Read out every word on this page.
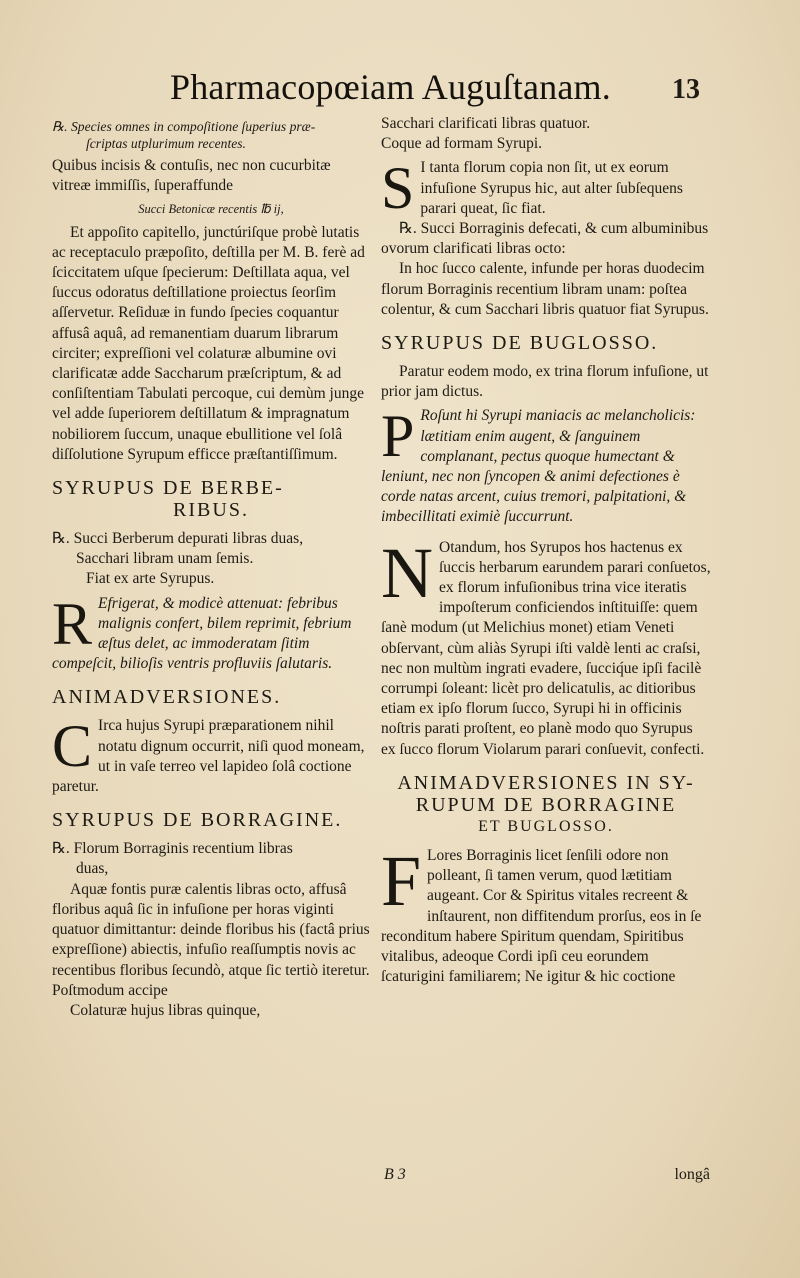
Pharmacopœiam Auguſtanam. 13
℞. Species omnes in compoſitione ſuperius præ-
ſcriptas utplurimum recentes.

Quibus incisis & contuſis, nec non cucurbitæ vitreæ immiſſis, ſuperaffunde

Succi Betonicæ recentis ℔ ij,

Et appoſito capitello, junctúriſque probè lutatis ac receptaculo præpoſito, deſtilla per M. B. ferè ad ſciccitatem uſque ſpecierum: Deſtillata aqua, vel ſuccus odoratus deſtillatione proiectus ſeorſim aſſervetur. Reſiduæ in fundo ſpecies coquantur affusâ aquâ, ad remanentiam duarum librarum circiter; expreſſioni vel colaturæ albumine ovi clarificatæ adde Saccharum præſcriptum, & ad conſiſtentiam Tabulati percoque, cui demùm junge vel adde ſuperiorem deſtillatum & impragnatum nobiliorem ſuccum, unaque ebullitione vel ſolâ diſſolutione Syrupum efficce præſtantiſſimum.

SYRUPUS DE BERBE-
RIBUS.
℞. Succi Berberum depurati libras duas,
Sacchari libram unam ſemis.
Fiat ex arte Syrupus.
R Efrigerat, & modicè attenuat: febribus malignis confert, bilem reprimit, febrium æſtus delet, ac immoderatam ſitim compeſcit, bilioſis ventris profluviis ſalutaris.
ANIMADVERSIONES.
C Irca hujus Syrupi præparationem nihil notatu dignum occurrit, niſi quod moneam, ut in vaſe terreo vel lapideo ſolâ coctione paretur.
SYRUPUS DE BORRAGINE.
℞. Florum Borraginis recentium libras
duas,

Aquæ fontis puræ calentis libras octo, affusâ floribus aquâ ſic in infuſione per horas viginti quatuor dimittantur: deinde floribus his (factâ prius expreſſione) abiectis, infuſio reaſſumptis novis ac recentibus floribus ſecundò, atque ſic tertiò iteretur. Poſtmodum accipe

Colaturæ hujus libras quinque,
Sacchari clarificati libras quatuor.
Coque ad formam Syrupi.
S I tanta florum copia non ſit, ut ex eorum infuſione Syrupus hic, aut alter ſubſequens parari queat, ſic fiat.

℞. Succi Borraginis defecati, & cum albuminibus ovorum clarificati libras octo:

In hoc ſucco calente, infunde per horas duodecim florum Borraginis recentium libram unam: poſtea colentur, & cum Sacchari libris quatuor fiat Syrupus.

SYRUPUS DE BUGLOSSO.

Paratur eodem modo, ex trina florum infuſione, ut prior jam dictus.

P Roſunt hi Syrupi maniacis ac melancholicis: lætitiam enim augent, & ſanguinem complanant, pectus quoque humectant & leniunt, nec non ſyncopen & animi defectiones è corde natas arcent, cuius tremori, palpitationi, & imbecillitati eximiè ſuccurrunt.
N Otandum, hos Syrupos hos hactenus ex ſuccis herbarum earundem parari conſuetos, ex florum infuſionibus trina vice iteratis impoſterum conficiendos inſtituiſſe: quem ſanè modum (ut Melichius monet) etiam Veneti obſervant, cùm aliàs Syrupi iſti valdè lenti ac craſsi, nec non multùm ingrati evadere, ſucciq́ue ipſi facilè corrumpi ſoleant: licèt pro delicatulis, ac ditioribus etiam ex ipſo florum ſucco, Syrupi hi in officinis noſtris parati proſtent, eo planè modo quo Syrupus ex ſucco florum Violarum parari conſuevit, confecti.
ANIMADVERSIONES IN SY-
RUPUM DE BORRAGINE
ET BUGLOSSO.
F Lores Borraginis licet ſenſili odore non polleant, ſi tamen verum, quod lætitiam augeant. Cor & Spiritus vitales recreent & inſtaurent, non diffitendum prorſus, eos in ſe reconditum habere Spiritum quendam, Spiritibus vitalibus, adeoque Cordi ipſi ceu eorundem ſcaturigini familiarem; Ne igitur & hic coctione
B 3	longâ
